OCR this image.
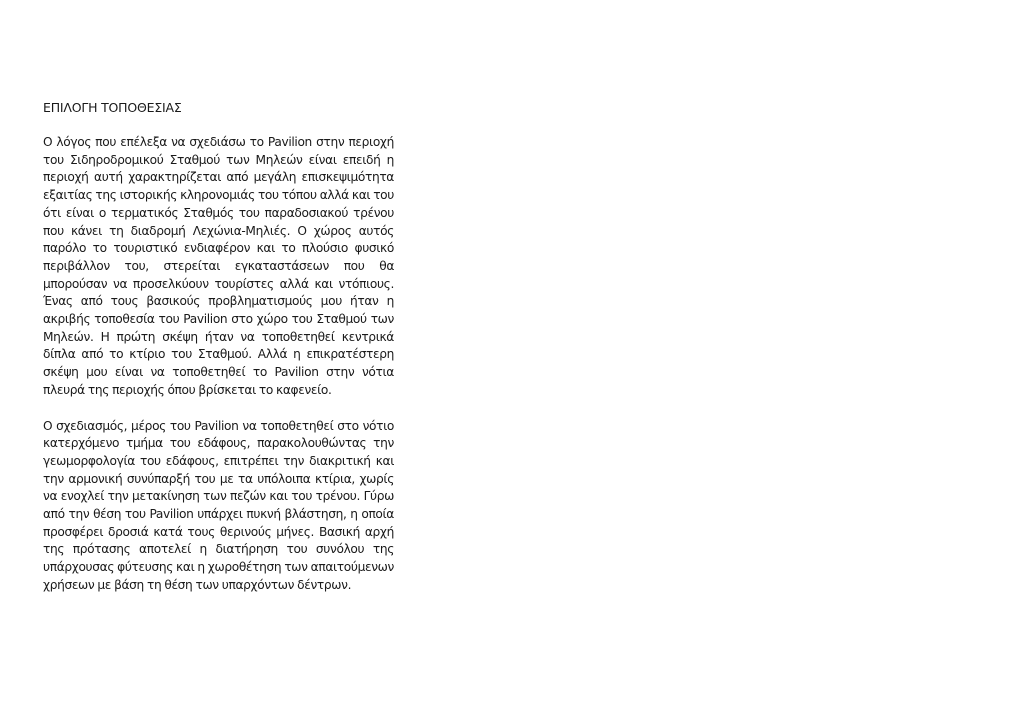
ΕΠΙΛΟΓΗ ΤΟΠΟΘΕΣΙΑΣ

Ο λόγος που επέλεξα να σχεδιάσω το Pavilion στην περιοχή του Σιδηροδρομικού Σταθμού των Μηλεών είναι επειδή η περιοχή αυτή χαρακτηρίζεται από μεγάλη επισκεψιμότητα εξαιτίας της ιστορικής κληρονομιάς του τόπου αλλά και του ότι είναι ο τερματικός Σταθμός του παραδοσιακού τρένου που κάνει τη διαδρομή Λεχώνια-Μηλιές. Ο χώρος αυτός παρόλο το τουριστικό ενδιαφέρον και το πλούσιο φυσικό περιβάλλον του, στερείται εγκαταστάσεων που θα μπορούσαν να προσελκύουν τουρίστες αλλά και ντόπιους. Ένας από τους βασικούς προβληματισμούς μου ήταν η ακριβής τοποθεσία του Pavilion στο χώρο του Σταθμού των Μηλεών. Η πρώτη σκέψη ήταν να τοποθετηθεί κεντρικά δίπλα από το κτίριο του Σταθμού. Αλλά η επικρατέστερη σκέψη μου είναι να τοποθετηθεί το Pavilion στην νότια πλευρά της περιοχής όπου βρίσκεται το καφενείο.

Ο σχεδιασμός, μέρος του Pavilion να τοποθετηθεί στο νότιο κατερχόμενο τμήμα του εδάφους, παρακολουθώντας την γεωμορφολογία του εδάφους, επιτρέπει την διακριτική και την αρμονική συνύπαρξή του με τα υπόλοιπα κτίρια, χωρίς να ενοχλεί την μετακίνηση των πεζών και του τρένου. Γύρω από την θέση του Pavilion υπάρχει πυκνή βλάστηση, η οποία προσφέρει δροσιά κατά τους θερινούς μήνες. Βασική αρχή της πρότασης αποτελεί η διατήρηση του συνόλου της υπάρχουσας φύτευσης και η χωροθέτηση των απαιτούμενων χρήσεων με βάση τη θέση των υπαρχόντων δέντρων.
